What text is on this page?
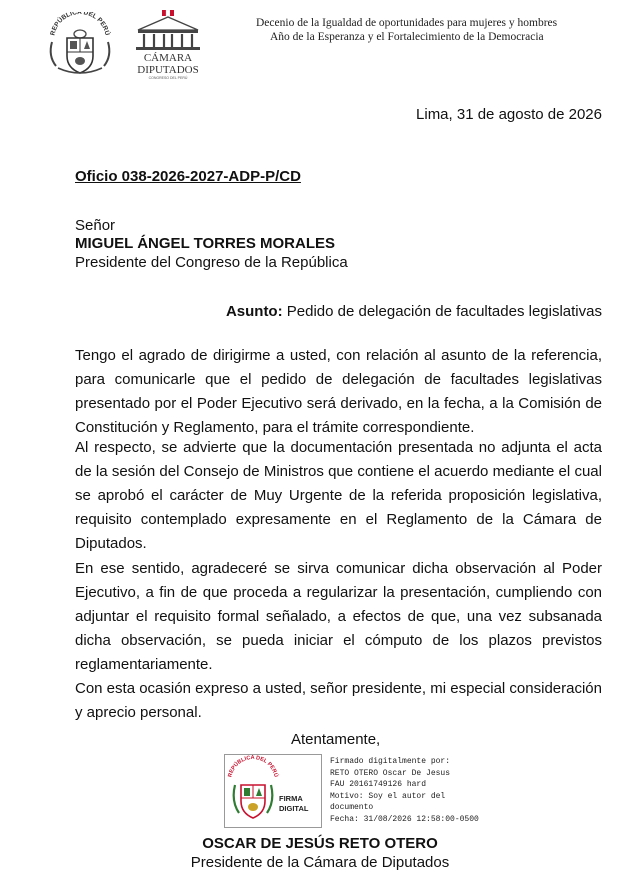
REPÚBLICA DEL PERÚ
CÁMARA
DIPUTADOS
CONGRESO DEL PERÚ
Decenio de la Igualdad de oportunidades para mujeres y hombres
Año de la Esperanza y el Fortalecimiento de la Democracia
Lima, 31 de agosto de 2026
Oficio 038-2026-2027-ADP-P/CD
Señor
MIGUEL ÁNGEL TORRES MORALES
Presidente del Congreso de la República
Asunto: Pedido de delegación de facultades legislativas

Tengo el agrado de dirigirme a usted, con relación al asunto de la referencia, para comunicarle que el pedido de delegación de facultades legislativas presentado por el Poder Ejecutivo será derivado, en la fecha, a la Comisión de Constitución y Reglamento, para el trámite correspondiente.

Al respecto, se advierte que la documentación presentada no adjunta el acta de la sesión del Consejo de Ministros que contiene el acuerdo mediante el cual se aprobó el carácter de Muy Urgente de la referida proposición legislativa, requisito contemplado expresamente en el Reglamento de la Cámara de Diputados.

En ese sentido, agradeceré se sirva comunicar dicha observación al Poder Ejecutivo, a fin de que proceda a regularizar la presentación, cumpliendo con adjuntar el requisito formal señalado, a efectos de que, una vez subsanada dicha observación, se pueda iniciar el cómputo de los plazos previstos reglamentariamente.

Con esta ocasión expreso a usted, señor presidente, mi especial consideración y aprecio personal.

Atentamente,
REPÚBLICA DEL PERÚ
FIRMA
DIGITAL
Firmado digitalmente por:
RETO OTERO Oscar De Jesus
FAU 20161749126 hard
Motivo: Soy el autor del
documento
Fecha: 31/08/2026 12:58:00-0500
OSCAR DE JESÚS RETO OTERO
Presidente de la Cámara de Diputados
